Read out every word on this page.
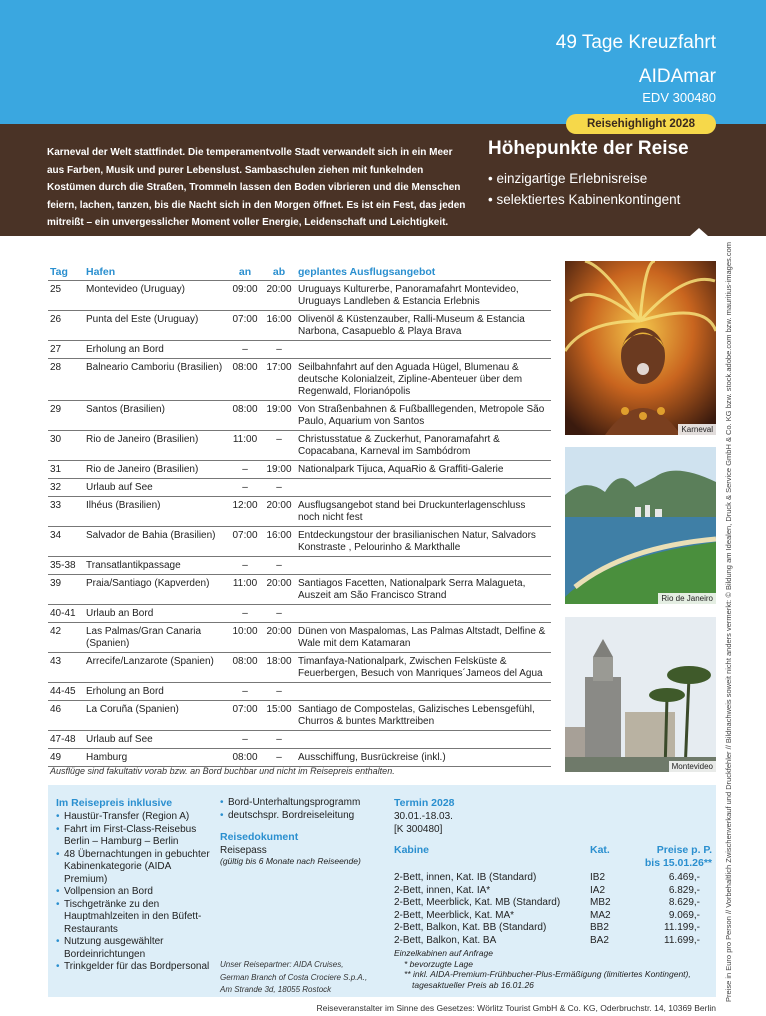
49 Tage Kreuzfahrt
AIDAmar
EDV 300480

Karneval der Welt stattfindet. Die temperamentvolle Stadt verwandelt sich in ein Meer aus Farben, Musik und purer Lebenslust. Sambaschulen ziehen mit funkelnden Kostümen durch die Straßen, Trommeln lassen den Boden vibrieren und die Menschen feiern, lachen, tanzen, bis die Nacht sich in den Morgen öffnet. Es ist ein Fest, das jeden mitreißt – ein unvergesslicher Moment voller Energie, Leidenschaft und Leichtigkeit.

Reisehighlight 2028
Höhepunkte der Reise
• einzigartige Erlebnisreise
• selektiertes Kabinenkontingent
Tag	Hafen	an	ab	geplantes Ausflugsangebot
25	Montevideo (Uruguay)	09:00	20:00	Uruguays Kulturerbe, Panoramafahrt Montevideo, Uruguays Landleben & Estancia Erlebnis
26	Punta del Este (Uruguay)	07:00	16:00	Olivenöl & Küstenzauber, Ralli-Museum & Estancia Narbona, Casapueblo & Playa Brava
27	Erholung an Bord	–	–	
28	Balneario Camboriu (Brasilien)	08:00	17:00	Seilbahnfahrt auf den Aguada Hügel, Blumenau & deutsche Kolonialzeit, Zipline-Abenteuer über dem Regenwald, Florianópolis
29	Santos (Brasilien)	08:00	19:00	Von Straßenbahnen & Fußballlegenden, Metropole São Paulo, Aquarium von Santos
30	Rio de Janeiro (Brasilien)	11:00	–	Christusstatue & Zuckerhut, Panoramafahrt & Copacabana, Karneval im Sambódrom
31	Rio de Janeiro (Brasilien)	–	19:00	Nationalpark Tijuca, AquaRio & Graffiti-Galerie
32	Urlaub auf See	–	–	
33	Ilhéus (Brasilien)	12:00	20:00	Ausflugsangebot stand bei Druckunterlagenschluss noch nicht fest
34	Salvador de Bahia (Brasilien)	07:00	16:00	Entdeckungstour der brasilianischen Natur, Salvadors Konstraste , Pelourinho & Markthalle
35-38	Transatlantikpassage	–	–	
39	Praia/Santiago (Kapverden)	11:00	20:00	Santiagos Facetten, Nationalpark Serra Malagueta, Auszeit am São Francisco Strand
40-41	Urlaub an Bord	–	–	
42	Las Palmas/Gran Canaria (Spanien)	10:00	20:00	Dünen von Maspalomas, Las Palmas Altstadt, Delfine & Wale mit dem Katamaran
43	Arrecife/Lanzarote (Spanien)	08:00	18:00	Timanfaya-Nationalpark, Zwischen Felsküste & Feuerbergen, Besuch von Manriques´Jameos del Agua
44-45	Erholung an Bord	–	–	
46	La Coruña (Spanien)	07:00	15:00	Santiago de Compostelas, Galizisches Lebensgefühl, Churros & buntes Markttreiben
47-48	Urlaub auf See	–	–	
49	Hamburg	08:00	–	Ausschiffung, Busrückreise (inkl.)
Ausflüge sind fakultativ vorab bzw. an Bord buchbar und nicht im Reisepreis enthalten.
Karneval
Rio de Janeiro
Montevideo	Preise in Euro pro Person // Vorbehaltlich Zwischenverkauf und Druckfehler // Bildnachweis soweit nicht anders vermerkt: © Bildung am Idealen, Druck & Service GmbH & Co. KG bzw. stock.adobe.com bzw. mauritius-images.com
Im Reisepreis inklusive
• Haustür-Transfer (Region A)
• Fahrt im First-Class-Reisebus Berlin – Hamburg – Berlin
• 48 Übernachtungen in gebuchter Kabinenkategorie (AIDA Premium)
• Vollpension an Bord
• Tischgetränke zu den Hauptmahlzeiten in den Büfett-Restaurants
• Nutzung ausgewählter Bordeinrichtungen
• Trinkgelder für das Bordpersonal
• Bord-Unterhaltungsprogramm
• deutschspr. Bordreiseleitung
Reisedokument
Reisepass
(gültig bis 6 Monate nach Reiseende)
Unser Reisepartner: AIDA Cruises,
German Branch of Costa Crociere S.p.A.,
Am Strande 3d, 18055 Rostock
Termin 2028
30.01.-18.03.
[K 300480]
Kabine	Kat.	Preise p. P.
bis 15.01.26**
2-Bett, innen, Kat. IB (Standard)	IB2	6.469,-
2-Bett, innen, Kat. IA*	IA2	6.829,-
2-Bett, Meerblick, Kat. MB (Standard)	MB2	8.629,-
2-Bett, Meerblick, Kat. MA*	MA2	9.069,-
2-Bett, Balkon, Kat. BB (Standard)	BB2	11.199,-
2-Bett, Balkon, Kat. BA	BA2	11.699,-
Einzelkabinen auf Anfrage
* bevorzugte Lage
** inkl. AIDA-Premium-Frühbucher-Plus-Ermäßigung (limitiertes Kontingent),
tagesaktueller Preis ab 16.01.26
Reiseveranstalter im Sinne des Gesetzes: Wörlitz Tourist GmbH & Co. KG, Oderbruchstr. 14, 10369 Berlin
